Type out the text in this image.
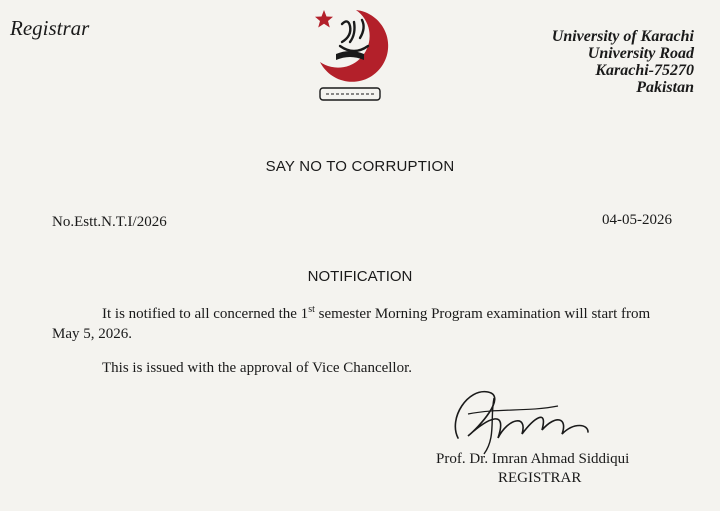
Registrar	University of Karachi
University Road
Karachi-75270
Pakistan
SAY NO TO CORRUPTION
No.Estt.N.T.I/2026	04-05-2026
NOTIFICATION
It is notified to all concerned the 1st semester Morning Program examination will start from
May 5, 2026.
This is issued with the approval of Vice Chancellor.
Prof. Dr. Imran Ahmad Siddiqui
REGISTRAR
